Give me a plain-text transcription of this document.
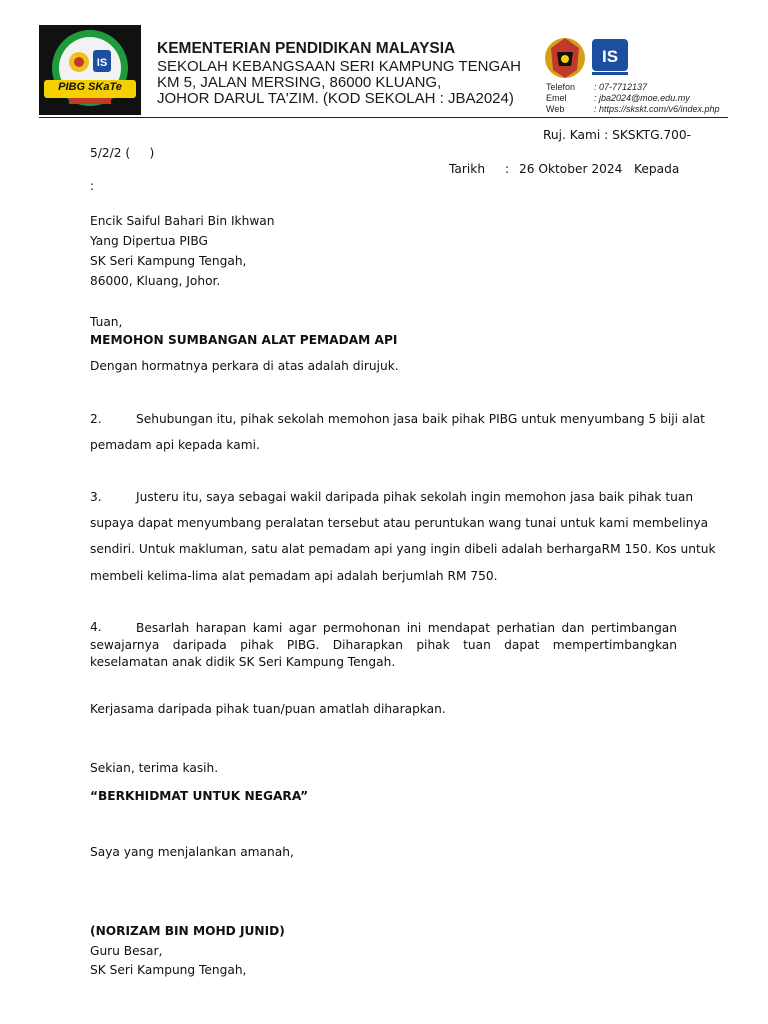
IS
PIBG SKaTe
KEMENTERIAN PENDIDIKAN MALAYSIA
SEKOLAH KEBANGSAAN SERI KAMPUNG TENGAH
KM 5, JALAN MERSING, 86000 KLUANG,
JOHOR DARUL TA'ZIM. (KOD SEKOLAH : JBA2024)
IS
Telefon : 07-7712137
Emel	: jba2024@moe.edu.my
Web	: https://skskt.com/v6/index.php
Ruj. Kami : SKSKTG.700-
5/2/2 (     )
Tarikh : 26 Oktober 2024 Kepada
:
Encik Saiful Bahari Bin Ikhwan
Yang Dipertua PIBG
SK Seri Kampung Tengah,
86000, Kluang, Johor.
Tuan,
MEMOHON SUMBANGAN ALAT PEMADAM API
Dengan hormatnya perkara di atas adalah dirujuk.
2.	Sehubungan itu, pihak sekolah memohon jasa baik pihak PIBG untuk menyumbang 5 biji alat
pemadam api kepada kami.
3.	Justeru itu, saya sebagai wakil daripada pihak sekolah ingin memohon jasa baik pihak tuan
supaya dapat menyumbang peralatan tersebut atau peruntukan wang tunai untuk kami membelinya
sendiri. Untuk makluman, satu alat pemadam api yang ingin dibeli adalah berhargaRM 150. Kos untuk
membeli kelima-lima alat pemadam api adalah berjumlah RM 750.
4.	Besarlah harapan kami agar permohonan ini mendapat perhatian dan pertimbangan
sewajarnya daripada pihak PIBG. Diharapkan pihak tuan dapat mempertimbangkan
keselamatan anak didik SK Seri Kampung Tengah.
Kerjasama daripada pihak tuan/puan amatlah diharapkan.
Sekian, terima kasih.
“BERKHIDMAT UNTUK NEGARA”
Saya yang menjalankan amanah,
(NORIZAM BIN MOHD JUNID)
Guru Besar,
SK Seri Kampung Tengah,
